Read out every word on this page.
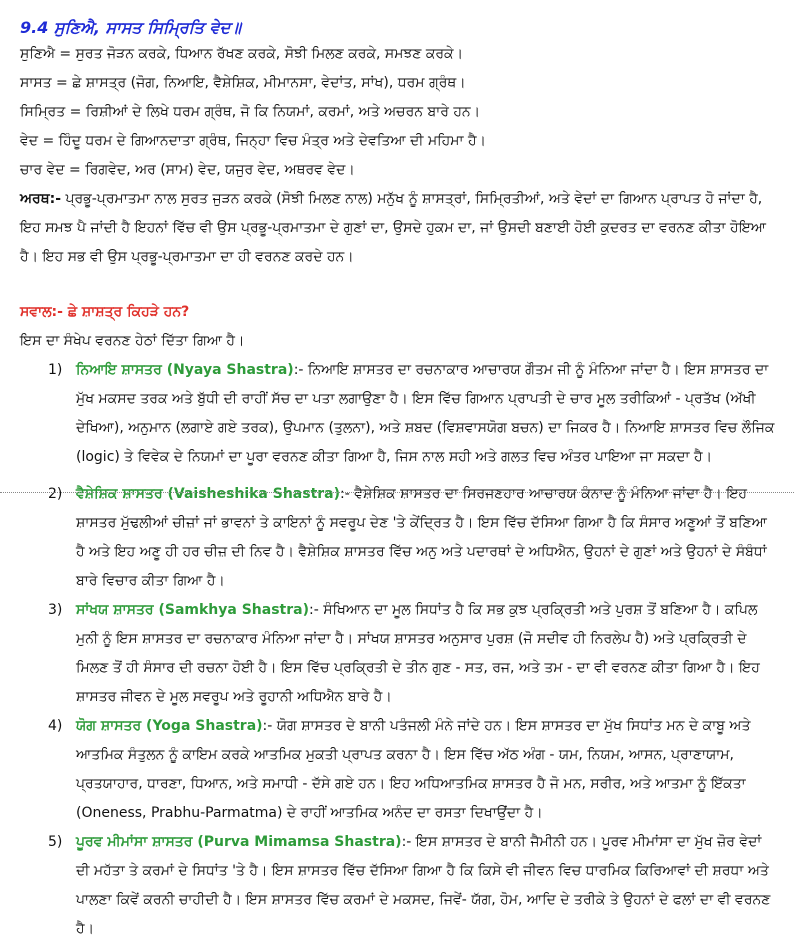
9.4 ਸੁਣਿਐ, ਸਾਸਤ ਸਿਮ੍ਰਿਤਿ ਵੇਦ॥

ਸੁਣਿਐ = ਸੁਰਤ ਜੋੜਨ ਕਰਕੇ, ਧਿਆਨ ਰੱਖਣ ਕਰਕੇ, ਸੋਝੀ ਮਿਲਣ ਕਰਕੇ, ਸਮਝਣ ਕਰਕੇ।

ਸਾਸਤ = ਛੇ ਸ਼ਾਸਤ੍ਰ (ਜੋਗ, ਨਿਆਇ, ਵੈਸ਼ੇਸ਼ਿਕ, ਮੀਮਾਨਸਾ, ਵੇਦਾਂਤ, ਸਾਂਖ), ਧਰਮ ਗ੍ਰੰਥ।

ਸਿਮ੍ਰਿਤ = ਰਿਸ਼ੀਆਂ ਦੇ ਲਿਖੇ ਧਰਮ ਗ੍ਰੰਥ, ਜੋ ਕਿ ਨਿਯਮਾਂ, ਕਰਮਾਂ, ਅਤੇ ਅਚਰਨ ਬਾਰੇ ਹਨ।

ਵੇਦ = ਹਿੰਦੂ ਧਰਮ ਦੇ ਗਿਆਨਦਾਤਾ ਗ੍ਰੰਥ, ਜਿਨ੍ਹਾ ਵਿਚ ਮੰਤ੍ਰ ਅਤੇ ਦੇਵਤਿਆ ਦੀ ਮਹਿਮਾ ਹੈ।

ਚਾਰ ਵੇਦ = ਰਿਗਵੇਦ, ਅਰ (ਸਾਮ) ਵੇਦ, ਯਜੁਰ ਵੇਦ, ਅਥਰਵ ਵੇਦ।

ਅਰਥ:- ਪ੍ਰਭੂ-ਪ੍ਰਮਾਤਮਾ ਨਾਲ ਸੁਰਤ ਜੁੜਨ ਕਰਕੇ (ਸੋਝੀ ਮਿਲਣ ਨਾਲ) ਮਨੁੱਖ ਨੂੰ ਸ਼ਾਸਤ੍ਰਾਂ, ਸਿਮ੍ਰਿਤੀਆਂ, ਅਤੇ ਵੇਦਾਂ ਦਾ ਗਿਆਨ ਪ੍ਰਾਪਤ ਹੋ ਜਾਂਦਾ ਹੈ, ਇਹ ਸਮਝ ਪੈ ਜਾਂਦੀ ਹੈ ਇਹਨਾਂ ਵਿੱਚ ਵੀ ਉਸ ਪ੍ਰਭੂ-ਪ੍ਰਮਾਤਮਾ ਦੇ ਗੁਣਾਂ ਦਾ, ਉਸਦੇ ਹੁਕਮ ਦਾ, ਜਾਂ ਉਸਦੀ ਬਣਾਈ ਹੋਈ ਕੁਦਰਤ ਦਾ ਵਰਨਣ ਕੀਤਾ ਹੋਇਆ ਹੈ। ਇਹ ਸਭ ਵੀ ਉਸ ਪ੍ਰਭੂ-ਪ੍ਰਮਾਤਮਾ ਦਾ ਹੀ ਵਰਨਣ ਕਰਦੇ ਹਨ।

ਸਵਾਲ:- ਛੇ ਸ਼ਾਸ਼ਤ੍ਰ ਕਿਹੜੇ ਹਨ?

ਇਸ ਦਾ ਸੰਖੇਪ ਵਰਨਣ ਹੇਠਾਂ ਦਿੱਤਾ ਗਿਆ ਹੈ।

1) ਨਿਆਇ ਸ਼ਾਸਤਰ (Nyaya Shastra):- ਨਿਆਇ ਸ਼ਾਸਤਰ ਦਾ ਰਚਨਾਕਾਰ ਆਚਾਰਯ ਗੌਤਮ ਜੀ ਨੂੰ ਮੰਨਿਆ ਜਾਂਦਾ ਹੈ। ਇਸ ਸ਼ਾਸਤਰ ਦਾ ਮੁੱਖ ਮਕਸਦ ਤਰਕ ਅਤੇ ਬੁੱਧੀ ਦੀ ਰਾਹੀਂ ਸੱਚ ਦਾ ਪਤਾ ਲਗਾਉਣਾ ਹੈ। ਇਸ ਵਿੱਚ ਗਿਆਨ ਪ੍ਰਾਪਤੀ ਦੇ ਚਾਰ ਮੂਲ ਤਰੀਕਿਆਂ - ਪ੍ਰਤੱਖ (ਅੱਖੀ ਦੇਖਿਆ), ਅਨੁਮਾਨ (ਲਗਾਏ ਗਏ ਤਰਕ), ਉਪਮਾਨ (ਤੁਲਨਾ), ਅਤੇ ਸ਼ਬਦ (ਵਿਸ਼ਵਾਸਯੋਗ ਬਚਨ) ਦਾ ਜਿਕਰ ਹੈ। ਨਿਆਇ ਸ਼ਾਸਤਰ ਵਿਚ ਲੌਜਿਕ (logic) ਤੇ ਵਿਵੇਕ ਦੇ ਨਿਯਮਾਂ ਦਾ ਪੂਰਾ ਵਰਨਣ ਕੀਤਾ ਗਿਆ ਹੈ, ਜਿਸ ਨਾਲ ਸਹੀ ਅਤੇ ਗਲਤ ਵਿਚ ਅੰਤਰ ਪਾਇਆ ਜਾ ਸਕਦਾ ਹੈ।

2) ਵੈਸ਼ੇਸ਼ਿਕ ਸ਼ਾਸਤਰ (Vaisheshika Shastra):- ਵੈਸ਼ੇਸ਼ਿਕ ਸ਼ਾਸਤਰ ਦਾ ਸਿਰਜਣਹਾਰ ਆਚਾਰਯ ਕੰਨਾਦ ਨੂੰ ਮੰਨਿਆ ਜਾਂਦਾ ਹੈ। ਇਹ ਸ਼ਾਸਤਰ ਮੁੱਢਲੀਆਂ ਚੀਜ਼ਾਂ ਜਾਂ ਭਾਵਨਾਂ ਤੇ ਕਾਇਨਾਂ ਨੂੰ ਸਵਰੂਪ ਦੇਣ 'ਤੇ ਕੇਂਦ੍ਰਿਤ ਹੈ। ਇਸ ਵਿੱਚ ਦੱਸਿਆ ਗਿਆ ਹੈ ਕਿ ਸੰਸਾਰ ਅਣੂਆਂ ਤੋਂ ਬਣਿਆ ਹੈ ਅਤੇ ਇਹ ਅਣੂ ਹੀ ਹਰ ਚੀਜ਼ ਦੀ ਨਿਵ ਹੈ। ਵੈਸ਼ੇਸ਼ਿਕ ਸ਼ਾਸਤਰ ਵਿੱਚ ਅਨੁ ਅਤੇ ਪਦਾਰਥਾਂ ਦੇ ਅਧਿਐਨ, ਉਹਨਾਂ ਦੇ ਗੁਣਾਂ ਅਤੇ ਉਹਨਾਂ ਦੇ ਸੰਬੰਧਾਂ ਬਾਰੇ ਵਿਚਾਰ ਕੀਤਾ ਗਿਆ ਹੈ।

3) ਸਾਂਖਯ ਸ਼ਾਸਤਰ (Samkhya Shastra):- ਸੰਖਿਆਨ ਦਾ ਮੂਲ ਸਿਧਾਂਤ ਹੈ ਕਿ ਸਭ ਕੁਝ ਪ੍ਰਕ੍ਰਿਤੀ ਅਤੇ ਪੁਰਸ਼ ਤੋਂ ਬਣਿਆ ਹੈ। ਕਪਿਲ ਮੁਨੀ ਨੂੰ ਇਸ ਸ਼ਾਸਤਰ ਦਾ ਰਚਨਾਕਾਰ ਮੰਨਿਆ ਜਾਂਦਾ ਹੈ। ਸਾਂਖਯ ਸ਼ਾਸਤਰ ਅਨੁਸਾਰ ਪੁਰਸ਼ (ਜੋ ਸਦੀਵ ਹੀ ਨਿਰਲੇਪ ਹੈ) ਅਤੇ ਪ੍ਰਕ੍ਰਿਤੀ ਦੇ ਮਿਲਣ ਤੋਂ ਹੀ ਸੰਸਾਰ ਦੀ ਰਚਨਾ ਹੋਈ ਹੈ। ਇਸ ਵਿੱਚ ਪ੍ਰਕ੍ਰਿਤੀ ਦੇ ਤੀਨ ਗੁਣ - ਸਤ, ਰਜ, ਅਤੇ ਤਮ - ਦਾ ਵੀ ਵਰਨਣ ਕੀਤਾ ਗਿਆ ਹੈ। ਇਹ ਸ਼ਾਸਤਰ ਜੀਵਨ ਦੇ ਮੂਲ ਸਵਰੂਪ ਅਤੇ ਰੂਹਾਨੀ ਅਧਿਐਨ ਬਾਰੇ ਹੈ।

4) ਯੋਗ ਸ਼ਾਸਤਰ (Yoga Shastra):- ਯੋਗ ਸ਼ਾਸਤਰ ਦੇ ਬਾਨੀ ਪਤੰਜਲੀ ਮੰਨੇ ਜਾਂਦੇ ਹਨ। ਇਸ ਸ਼ਾਸਤਰ ਦਾ ਮੁੱਖ ਸਿਧਾਂਤ ਮਨ ਦੇ ਕਾਬੂ ਅਤੇ ਆਤਮਿਕ ਸੰਤੁਲਨ ਨੂੰ ਕਾਇਮ ਕਰਕੇ ਆਤਮਿਕ ਮੁਕਤੀ ਪ੍ਰਾਪਤ ਕਰਨਾ ਹੈ। ਇਸ ਵਿੱਚ ਅੱਠ ਅੰਗ - ਯਮ, ਨਿਯਮ, ਆਸਨ, ਪ੍ਰਾਣਾਯਾਮ, ਪ੍ਰਤਯਾਹਾਰ, ਧਾਰਣਾ, ਧਿਆਨ, ਅਤੇ ਸਮਾਧੀ - ਦੱਸੇ ਗਏ ਹਨ। ਇਹ ਅਧਿਆਤਮਿਕ ਸ਼ਾਸਤਰ ਹੈ ਜੋ ਮਨ, ਸਰੀਰ, ਅਤੇ ਆਤਮਾ ਨੂੰ ਇੱਕਤਾ (Oneness, Prabhu-Parmatma) ਦੇ ਰਾਹੀਂ ਆਤਮਿਕ ਅਨੰਦ ਦਾ ਰਸਤਾ ਦਿਖਾਉਂਦਾ ਹੈ।

5) ਪੂਰਵ ਮੀਮਾਂਸਾ ਸ਼ਾਸਤਰ (Purva Mimamsa Shastra):- ਇਸ ਸ਼ਾਸਤਰ ਦੇ ਬਾਨੀ ਜੈਮੀਨੀ ਹਨ। ਪੂਰਵ ਮੀਮਾਂਸਾ ਦਾ ਮੁੱਖ ਜ਼ੋਰ ਵੇਦਾਂ ਦੀ ਮਹੱਤਾ ਤੇ ਕਰਮਾਂ ਦੇ ਸਿਧਾਂਤ 'ਤੇ ਹੈ। ਇਸ ਸ਼ਾਸਤਰ ਵਿੱਚ ਦੱਸਿਆ ਗਿਆ ਹੈ ਕਿ ਕਿਸੇ ਵੀ ਜੀਵਨ ਵਿਚ ਧਾਰਮਿਕ ਕਿਰਿਆਵਾਂ ਦੀ ਸ਼ਰਧਾ ਅਤੇ ਪਾਲਣਾ ਕਿਵੇਂ ਕਰਨੀ ਚਾਹੀਦੀ ਹੈ। ਇਸ ਸ਼ਾਸਤਰ ਵਿੱਚ ਕਰਮਾਂ ਦੇ ਮਕਸਦ, ਜਿਵੇਂ- ਯੱਗ, ਹੋਮ, ਆਦਿ ਦੇ ਤਰੀਕੇ ਤੇ ਉਹਨਾਂ ਦੇ ਫਲਾਂ ਦਾ ਵੀ ਵਰਨਣ ਹੈ।
